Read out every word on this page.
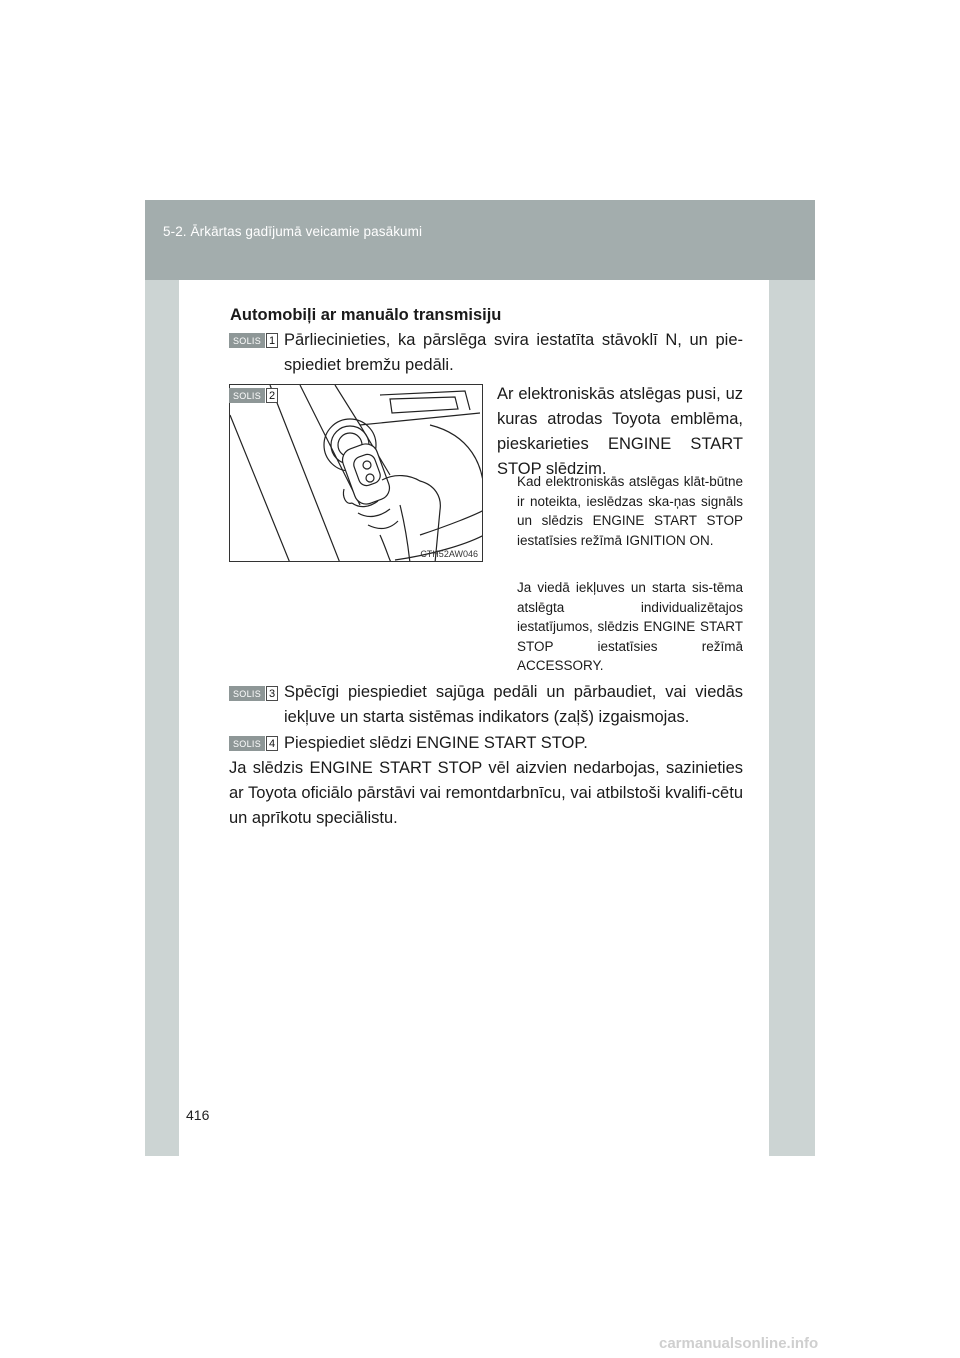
5-2. Ārkārtas gadījumā veicamie pasākumi
Automobiļi ar manuālo transmisiju
SOLIS 1 Pārliecinieties, ka pārslēga svira iestatīta stāvoklī N, un pie-spiediet bremžu pedāli.
SOLIS 2
CTH52AW046
Ar elektroniskās atslēgas pusi, uz kuras atrodas Toyota emblēma, pieskarieties ENGINE START STOP slēdzim.
Kad elektroniskās atslēgas klāt-būtne ir noteikta, ieslēdzas ska-ņas signāls un slēdzis ENGINE START STOP iestatīsies režīmā IGNITION ON.
Ja viedā iekļuves un starta sis-tēma atslēgta individualizētajos iestatījumos, slēdzis ENGINE START STOP iestatīsies režīmā ACCESSORY.
SOLIS 3 Spēcīgi piespiediet sajūga pedāli un pārbaudiet, vai viedās iekļuve un starta sistēmas indikators (zaļš) izgaismojas.
SOLIS 4 Piespiediet slēdzi ENGINE START STOP.
Ja slēdzis ENGINE START STOP vēl aizvien nedarbojas, sazinieties ar Toyota oficiālo pārstāvi vai remontdarbnīcu, vai atbilstoši kvalifi-cētu un aprīkotu speciālistu.
416
carmanualsonline.info
